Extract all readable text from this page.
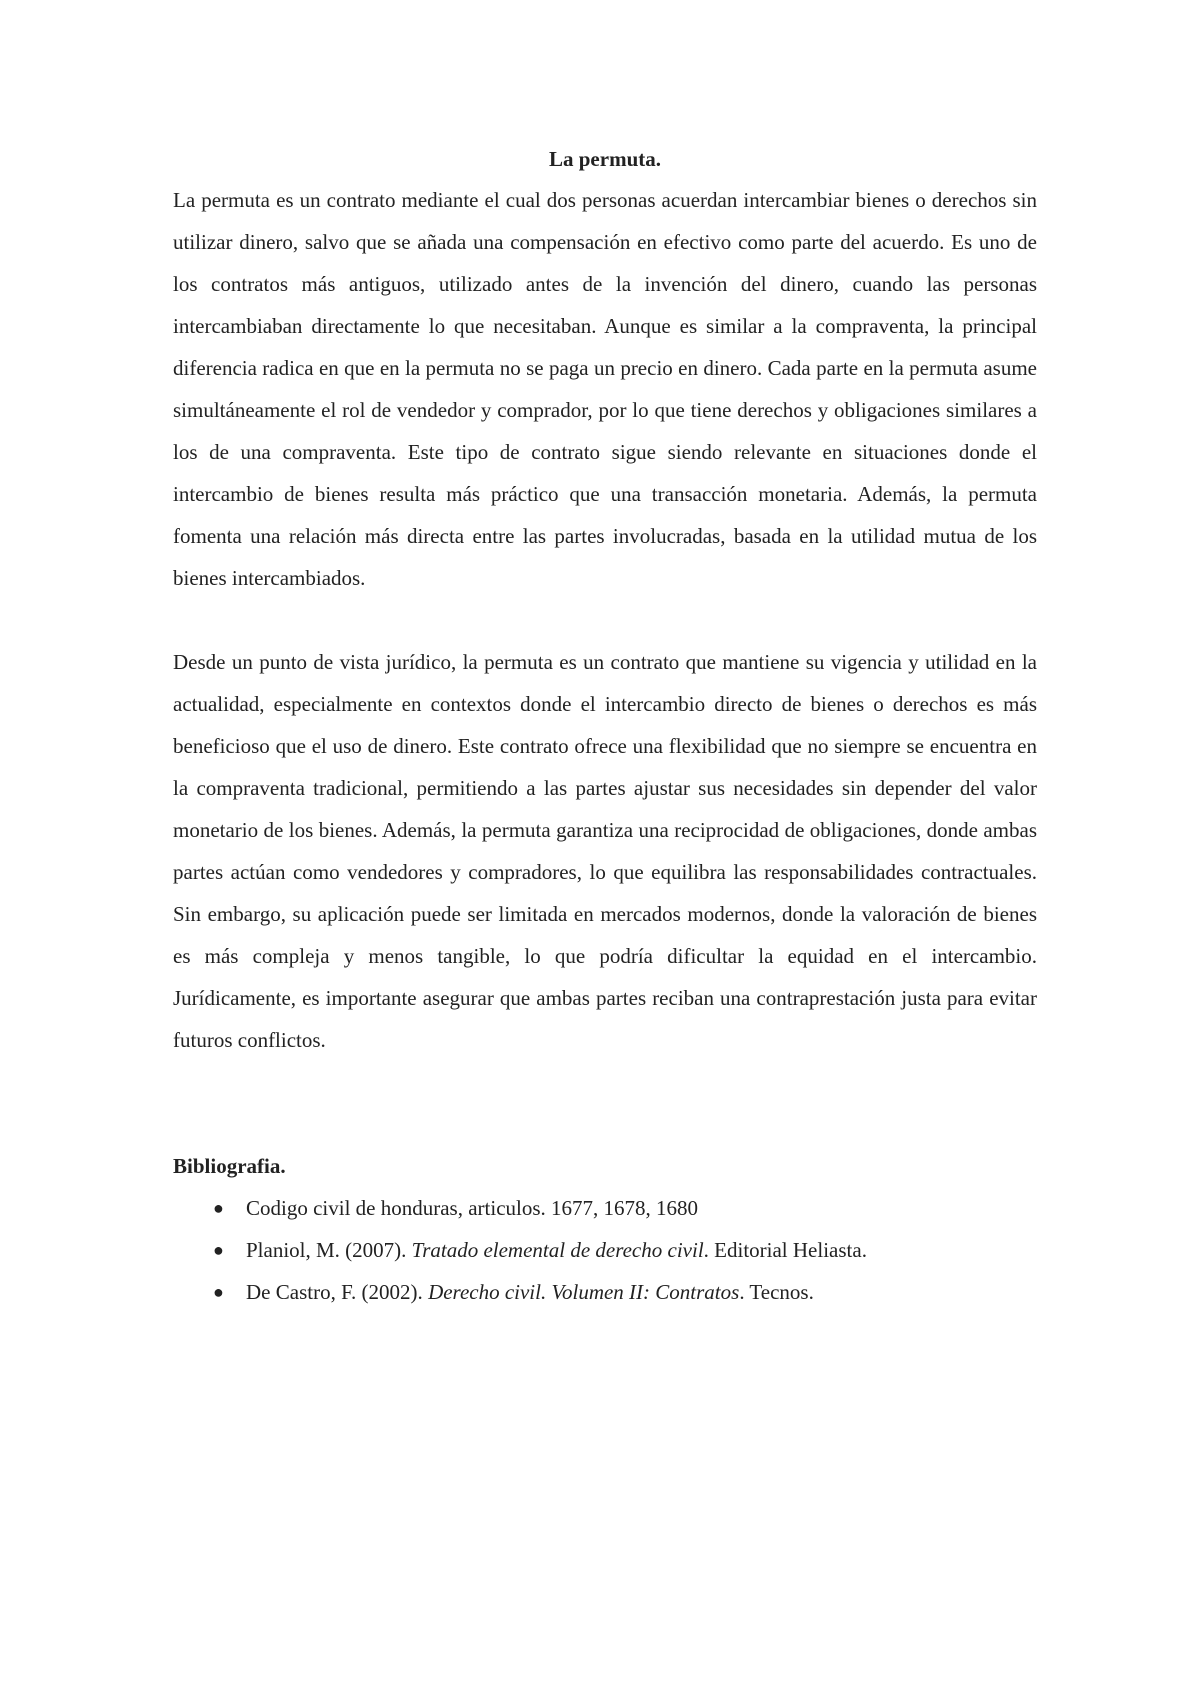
La permuta.

La permuta es un contrato mediante el cual dos personas acuerdan intercambiar bienes o derechos sin utilizar dinero, salvo que se añada una compensación en efectivo como parte del acuerdo. Es uno de los contratos más antiguos, utilizado antes de la invención del dinero, cuando las personas intercambiaban directamente lo que necesitaban. Aunque es similar a la compraventa, la principal diferencia radica en que en la permuta no se paga un precio en dinero. Cada parte en la permuta asume simultáneamente el rol de vendedor y comprador, por lo que tiene derechos y obligaciones similares a los de una compraventa. Este tipo de contrato sigue siendo relevante en situaciones donde el intercambio de bienes resulta más práctico que una transacción monetaria. Además, la permuta fomenta una relación más directa entre las partes involucradas, basada en la utilidad mutua de los bienes intercambiados.

Desde un punto de vista jurídico, la permuta es un contrato que mantiene su vigencia y utilidad en la actualidad, especialmente en contextos donde el intercambio directo de bienes o derechos es más beneficioso que el uso de dinero. Este contrato ofrece una flexibilidad que no siempre se encuentra en la compraventa tradicional, permitiendo a las partes ajustar sus necesidades sin depender del valor monetario de los bienes. Además, la permuta garantiza una reciprocidad de obligaciones, donde ambas partes actúan como vendedores y compradores, lo que equilibra las responsabilidades contractuales. Sin embargo, su aplicación puede ser limitada en mercados modernos, donde la valoración de bienes es más compleja y menos tangible, lo que podría dificultar la equidad en el intercambio. Jurídicamente, es importante asegurar que ambas partes reciban una contraprestación justa para evitar futuros conflictos.

Bibliografia.
● Codigo civil de honduras, articulos. 1677, 1678, 1680
● Planiol, M. (2007). Tratado elemental de derecho civil. Editorial Heliasta.
● De Castro, F. (2002). Derecho civil. Volumen II: Contratos. Tecnos.
